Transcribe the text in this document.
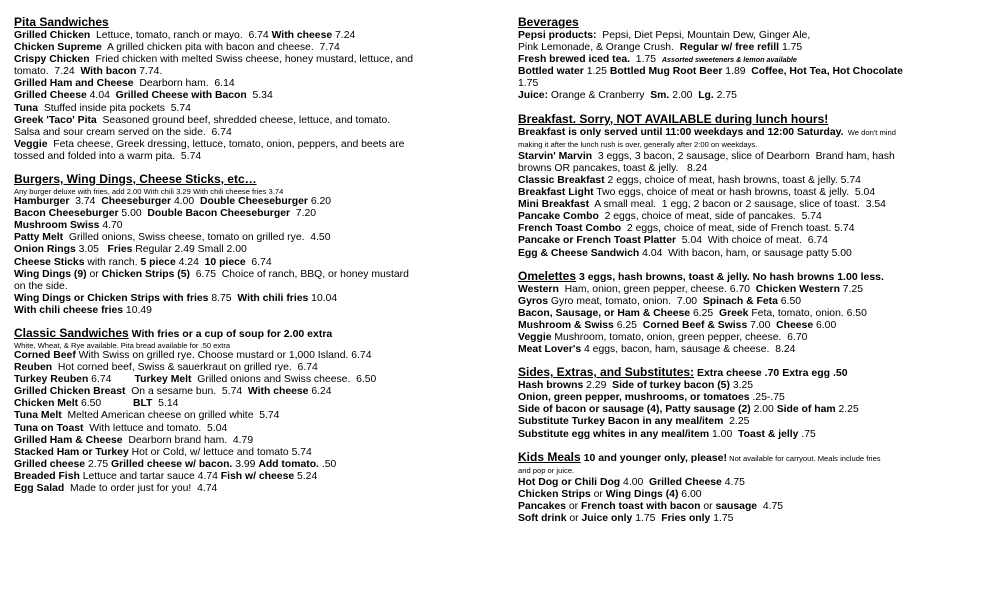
Pita Sandwiches
Grilled Chicken  Lettuce, tomato, ranch or mayo.  6.74 With cheese 7.24
Chicken Supreme  A grilled chicken pita with bacon and cheese.  7.74
Crispy Chicken  Fried chicken with melted Swiss cheese, honey mustard, lettuce, and
tomato.  7.24  With bacon 7.74.
Grilled Ham and Cheese  Dearborn ham.  6.14
Grilled Cheese 4.04  Grilled Cheese with Bacon  5.34
Tuna  Stuffed inside pita pockets  5.74
Greek 'Taco' Pita  Seasoned ground beef, shredded cheese, lettuce, and tomato.
Salsa and sour cream served on the side.  6.74
Veggie  Feta cheese, Greek dressing, lettuce, tomato, onion, peppers, and beets are
tossed and folded into a warm pita.  5.74
Burgers, Wing Dings, Cheese Sticks, etc…
Any burger deluxe with fries, add 2.00 With chili 3.29 With chili cheese fries 3.74
Hamburger  3.74  Cheeseburger 4.00  Double Cheeseburger 6.20
Bacon Cheeseburger 5.00  Double Bacon Cheeseburger  7.20
Mushroom Swiss 4.70
Patty Melt  Grilled onions, Swiss cheese, tomato on grilled rye.  4.50
Onion Rings 3.05   Fries Regular 2.49 Small 2.00
Cheese Sticks with ranch. 5 piece 4.24  10 piece  6.74
Wing Dings (9) or Chicken Strips (5)  6.75  Choice of ranch, BBQ, or honey mustard
on the side.
Wing Dings or Chicken Strips with fries 8.75  With chili fries 10.04
With chili cheese fries 10.49
Classic Sandwiches With fries or a cup of soup for 2.00 extra
White, Wheat, & Rye available. Pita bread available for .50 extra
Corned Beef With Swiss on grilled rye. Choose mustard or 1,000 Island. 6.74
Reuben  Hot corned beef, Swiss & sauerkraut on grilled rye.  6.74
Turkey Reuben 6.74        Turkey Melt  Grilled onions and Swiss cheese.  6.50
Grilled Chicken Breast  On a sesame bun.  5.74  With cheese 6.24
Chicken Melt 6.50           BLT  5.14
Tuna Melt  Melted American cheese on grilled white  5.74
Tuna on Toast  With lettuce and tomato.  5.04
Grilled Ham & Cheese  Dearborn brand ham.  4.79
Stacked Ham or Turkey Hot or Cold, w/ lettuce and tomato 5.74
Grilled cheese 2.75 Grilled cheese w/ bacon. 3.99 Add tomato. .50
Breaded Fish Lettuce and tartar sauce 4.74 Fish w/ cheese 5.24
Egg Salad  Made to order just for you!  4.74
Beverages
Pepsi products:  Pepsi, Diet Pepsi, Mountain Dew, Ginger Ale,
Pink Lemonade, & Orange Crush.  Regular w/ free refill 1.75
Fresh brewed iced tea.  1.75  Assorted sweeteners & lemon available
Bottled water 1.25 Bottled Mug Root Beer 1.89  Coffee, Hot Tea, Hot Chocolate
1.75
Juice: Orange & Cranberry  Sm. 2.00  Lg. 2.75
Breakfast. Sorry, NOT AVAILABLE during lunch hours!
Breakfast is only served until 11:00 weekdays and 12:00 Saturday.  We don't mind
making it after the lunch rush is over, generally after 2:00 on weekdays.
Starvin' Marvin  3 eggs, 3 bacon, 2 sausage, slice of Dearborn  Brand ham, hash
browns OR pancakes, toast & jelly.   8.24
Classic Breakfast 2 eggs, choice of meat, hash browns, toast & jelly. 5.74
Breakfast Light Two eggs, choice of meat or hash browns, toast & jelly.  5.04
Mini Breakfast  A small meal.  1 egg, 2 bacon or 2 sausage, slice of toast.  3.54
Pancake Combo  2 eggs, choice of meat, side of pancakes.  5.74
French Toast Combo  2 eggs, choice of meat, side of French toast. 5.74
Pancake or French Toast Platter  5.04  With choice of meat.  6.74
Egg & Cheese Sandwich 4.04  With bacon, ham, or sausage patty 5.00
Omelettes 3 eggs, hash browns, toast & jelly. No hash browns 1.00 less.
Western  Ham, onion, green pepper, cheese. 6.70  Chicken Western 7.25
Gyros Gyro meat, tomato, onion.  7.00  Spinach & Feta 6.50
Bacon, Sausage, or Ham & Cheese 6.25  Greek Feta, tomato, onion. 6.50
Mushroom & Swiss 6.25  Corned Beef & Swiss 7.00  Cheese 6.00
Veggie Mushroom, tomato, onion, green pepper, cheese.  6.70
Meat Lover's 4 eggs, bacon, ham, sausage & cheese.  8.24
Sides, Extras, and Substitutes: Extra cheese .70 Extra egg .50
Hash browns 2.29  Side of turkey bacon (5) 3.25
Onion, green pepper, mushrooms, or tomatoes .25-.75
Side of bacon or sausage (4), Patty sausage (2) 2.00 Side of ham 2.25
Substitute Turkey Bacon in any meal/item  2.25
Substitute egg whites in any meal/item 1.00  Toast & jelly .75
Kids Meals 10 and younger only, please! Not available for carryout. Meals include fries
and pop or juice.
Hot Dog or Chili Dog 4.00  Grilled Cheese 4.75
Chicken Strips or Wing Dings (4) 6.00
Pancakes or French toast with bacon or sausage  4.75
Soft drink or Juice only 1.75  Fries only 1.75
